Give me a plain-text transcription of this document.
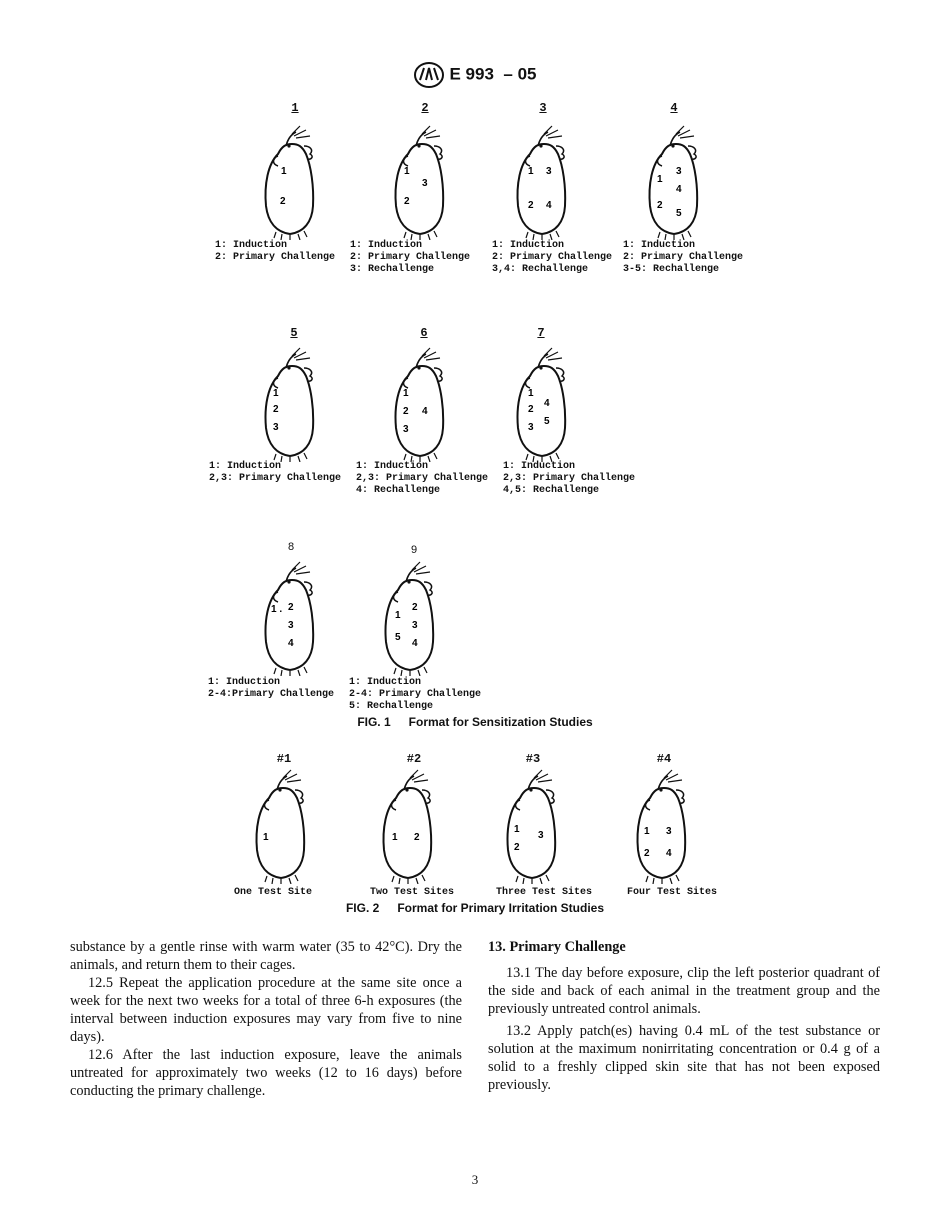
E 993 – 05
1
1
2
1: Induction
2: Primary Challenge
2
1
3
2
1: Induction
2: Primary Challenge
3: Rechallenge
3
1 3
2 4
1: Induction
2: Primary Challenge
3,4: Rechallenge
4
3
1
4
2
5
1: Induction
2: Primary Challenge
3-5: Rechallenge
5
1
2
3
1: Induction
2,3: Primary Challenge
6
1
2 4
3
1: Induction
2,3: Primary Challenge
4: Rechallenge
7
1
4
2
5
3
1: Induction
2,3: Primary Challenge
4,5: Rechallenge
8
1 . 2
3
4
1: Induction
2-4:Primary Challenge
9
2
1
3
5
4
1: Induction
2-4: Primary Challenge
5: Rechallenge
FIG. 1 Format for Sensitization Studies
#1
1
One Test Site
#2
1 2
Two Test Sites
#3
1
3
2
Three Test Sites
#4
1 3
2 4
Four Test Sites
FIG. 2 Format for Primary Irritation Studies

substance by a gentle rinse with warm water (35 to 42°C). Dry the animals, and return them to their cages.

12.5 Repeat the application procedure at the same site once a week for the next two weeks for a total of three 6-h exposures (the interval between induction exposures may vary from five to nine days).

12.6 After the last induction exposure, leave the animals untreated for approximately two weeks (12 to 16 days) before conducting the primary challenge.

13. Primary Challenge

13.1 The day before exposure, clip the left posterior quadrant of the side and back of each animal in the treatment group and the previously untreated control animals.

13.2 Apply patch(es) having 0.4 mL of the test substance or solution at the maximum nonirritating concentration or 0.4 g of a solid to a freshly clipped skin site that has not been exposed previously.

3
